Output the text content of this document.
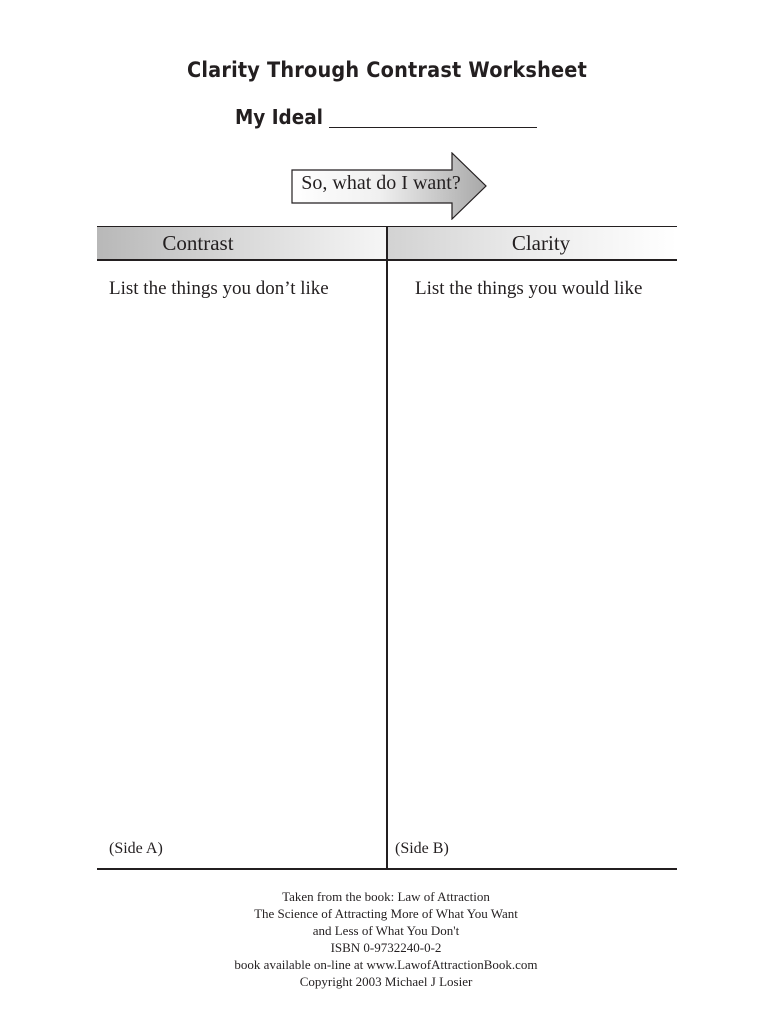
Clarity Through Contrast Worksheet
My Ideal
So, what do I want?
Contrast	Clarity
List the things you don’t like	List the things you would like
(Side A)	(Side B)
Taken from the book: Law of Attraction
The Science of Attracting More of What You Want
and Less of What You Don't
ISBN 0-9732240-0-2
book available on-line at www.LawofAttractionBook.com
Copyright 2003 Michael J Losier
